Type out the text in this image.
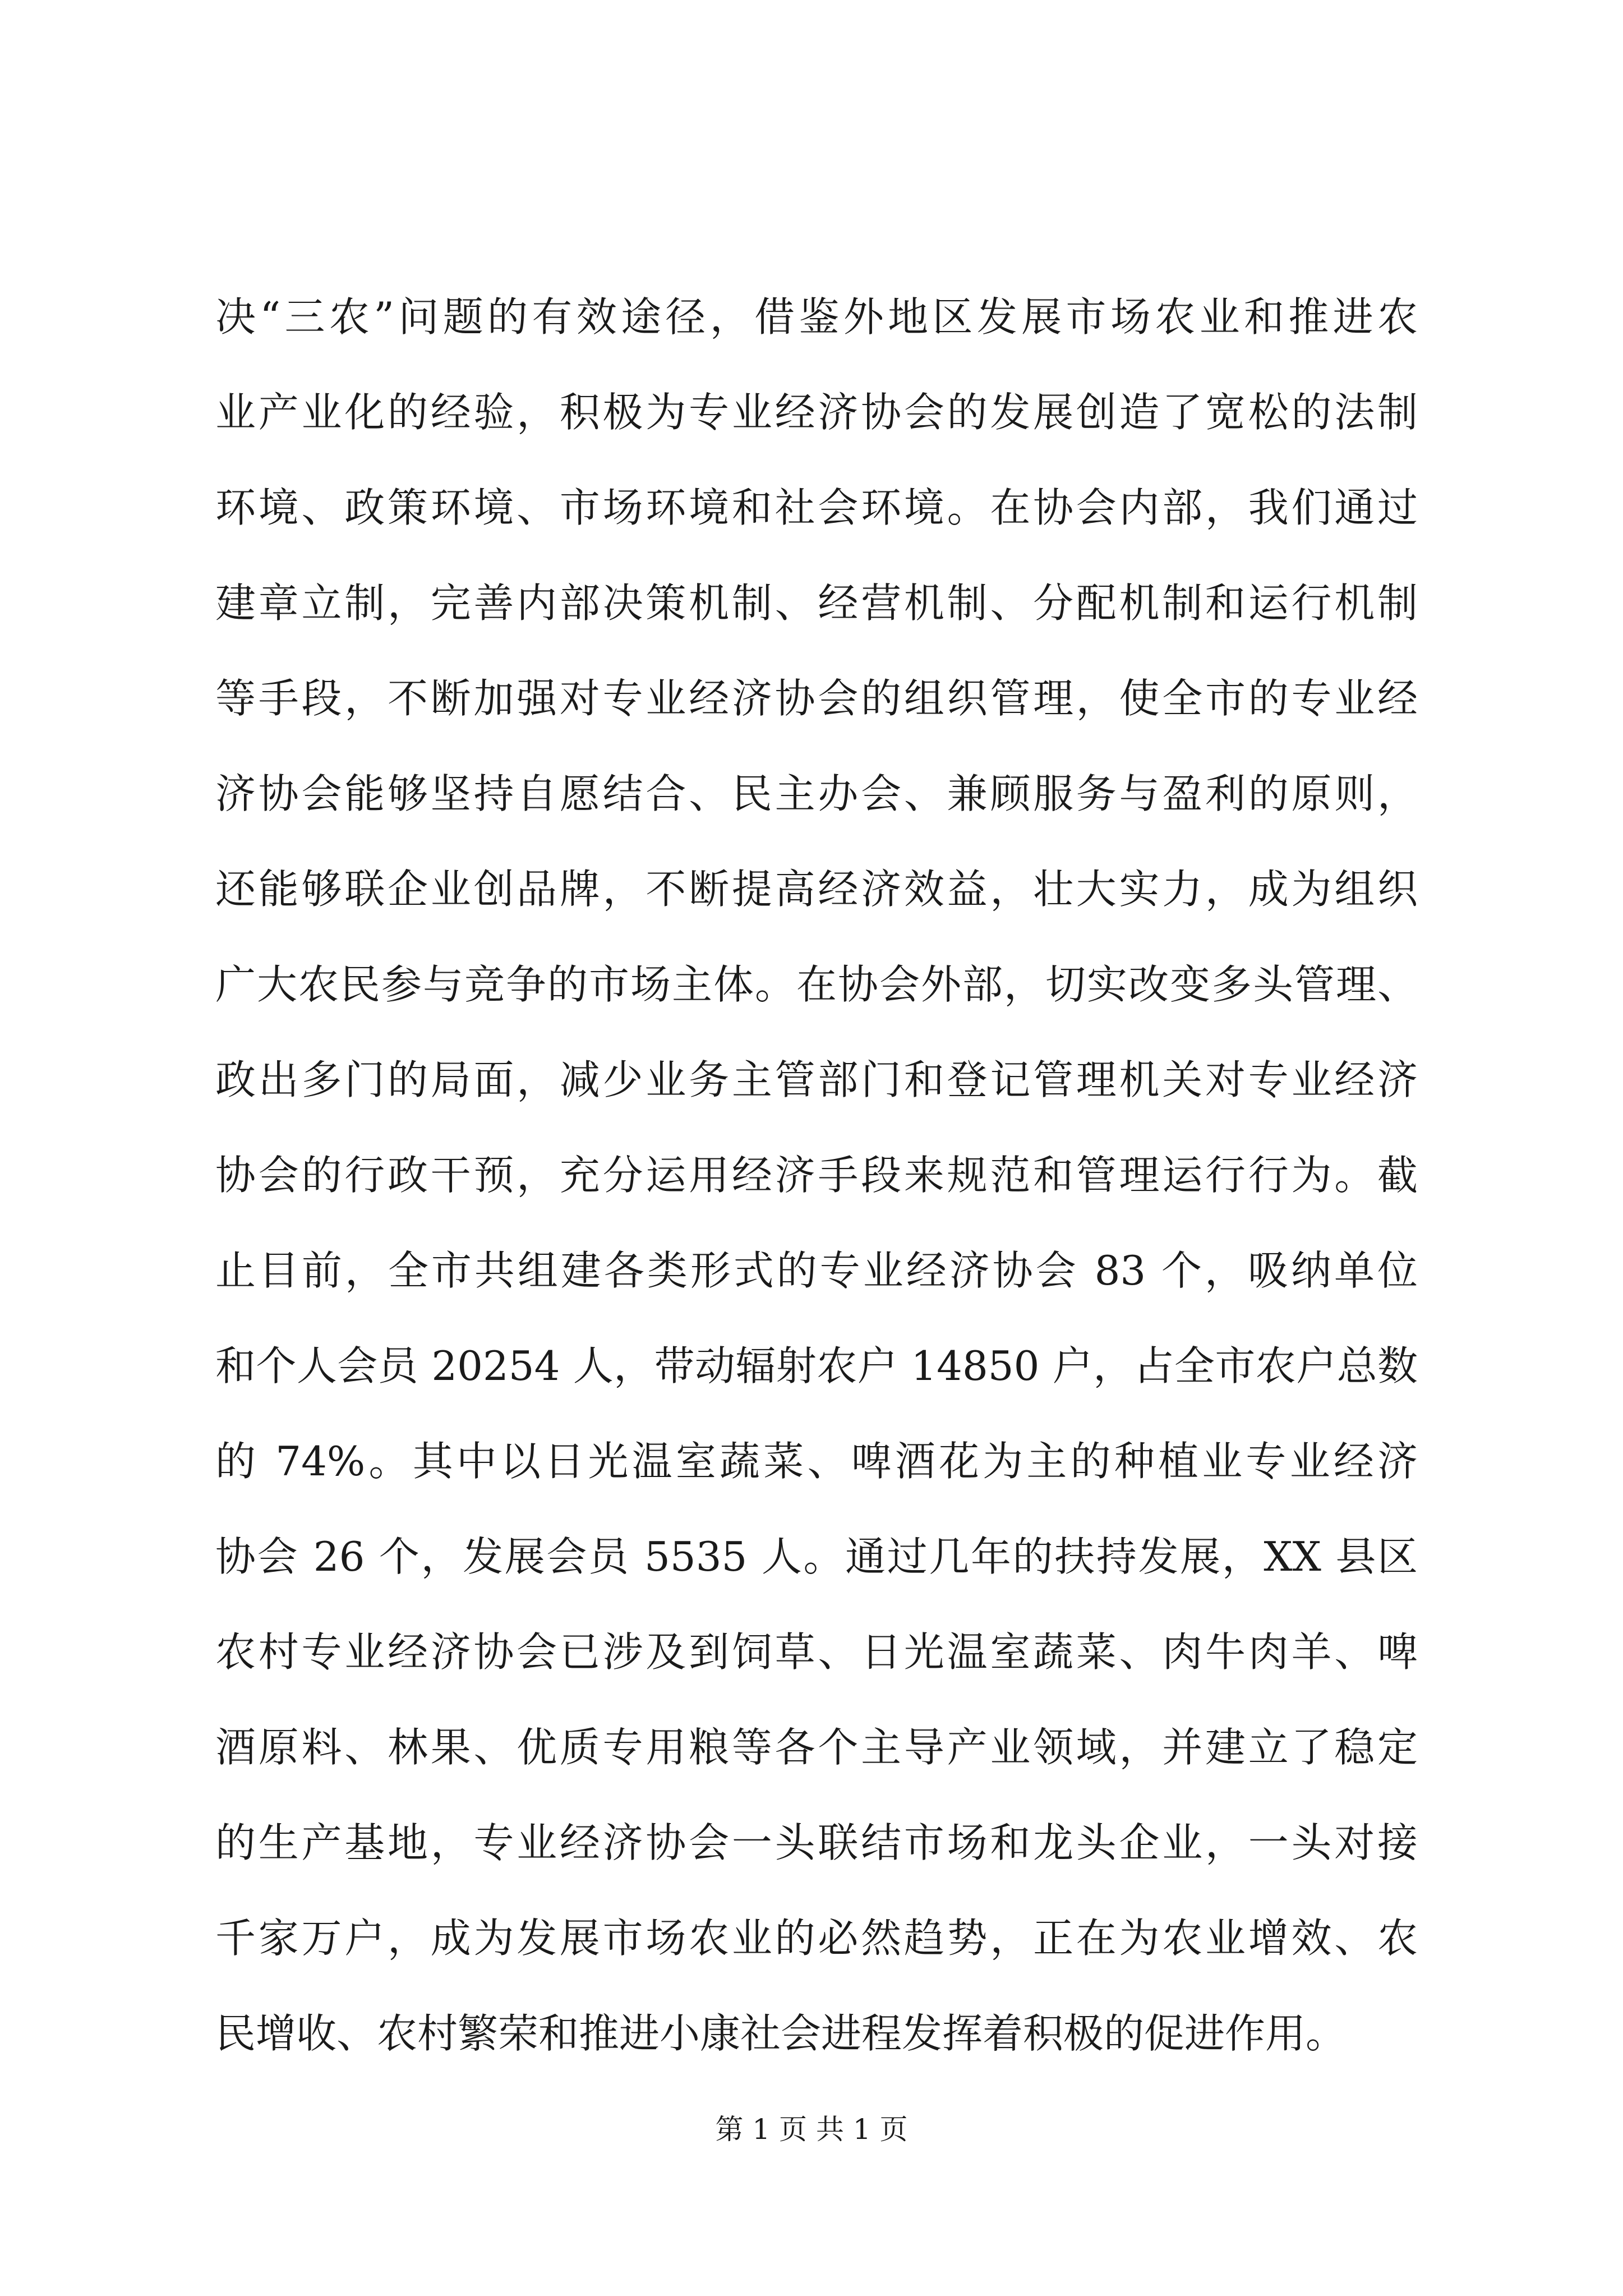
决“三农”问题的有效途径，借鉴外地区发展市场农业和推进农
业产业化的经验，积极为专业经济协会的发展创造了宽松的法制
环境、政策环境、市场环境和社会环境。在协会内部，我们通过
建章立制，完善内部决策机制、经营机制、分配机制和运行机制
等手段，不断加强对专业经济协会的组织管理，使全市的专业经
济协会能够坚持自愿结合、民主办会、兼顾服务与盈利的原则，
还能够联企业创品牌，不断提高经济效益，壮大实力，成为组织
广大农民参与竞争的市场主体。在协会外部，切实改变多头管理、
政出多门的局面，减少业务主管部门和登记管理机关对专业经济
协会的行政干预，充分运用经济手段来规范和管理运行行为。截
止目前，全市共组建各类形式的专业经济协会 83 个，吸纳单位
和个人会员 20254 人，带动辐射农户 14850 户，占全市农户总数
的 74%。其中以日光温室蔬菜、啤酒花为主的种植业专业经济
协会 26 个，发展会员 5535 人。通过几年的扶持发展，XX 县区
农村专业经济协会已涉及到饲草、日光温室蔬菜、肉牛肉羊、啤
酒原料、林果、优质专用粮等各个主导产业领域，并建立了稳定
的生产基地，专业经济协会一头联结市场和龙头企业，一头对接
千家万户，成为发展市场农业的必然趋势，正在为农业增效、农
民增收、农村繁荣和推进小康社会进程发挥着积极的促进作用。
第 1 页 共 1 页
